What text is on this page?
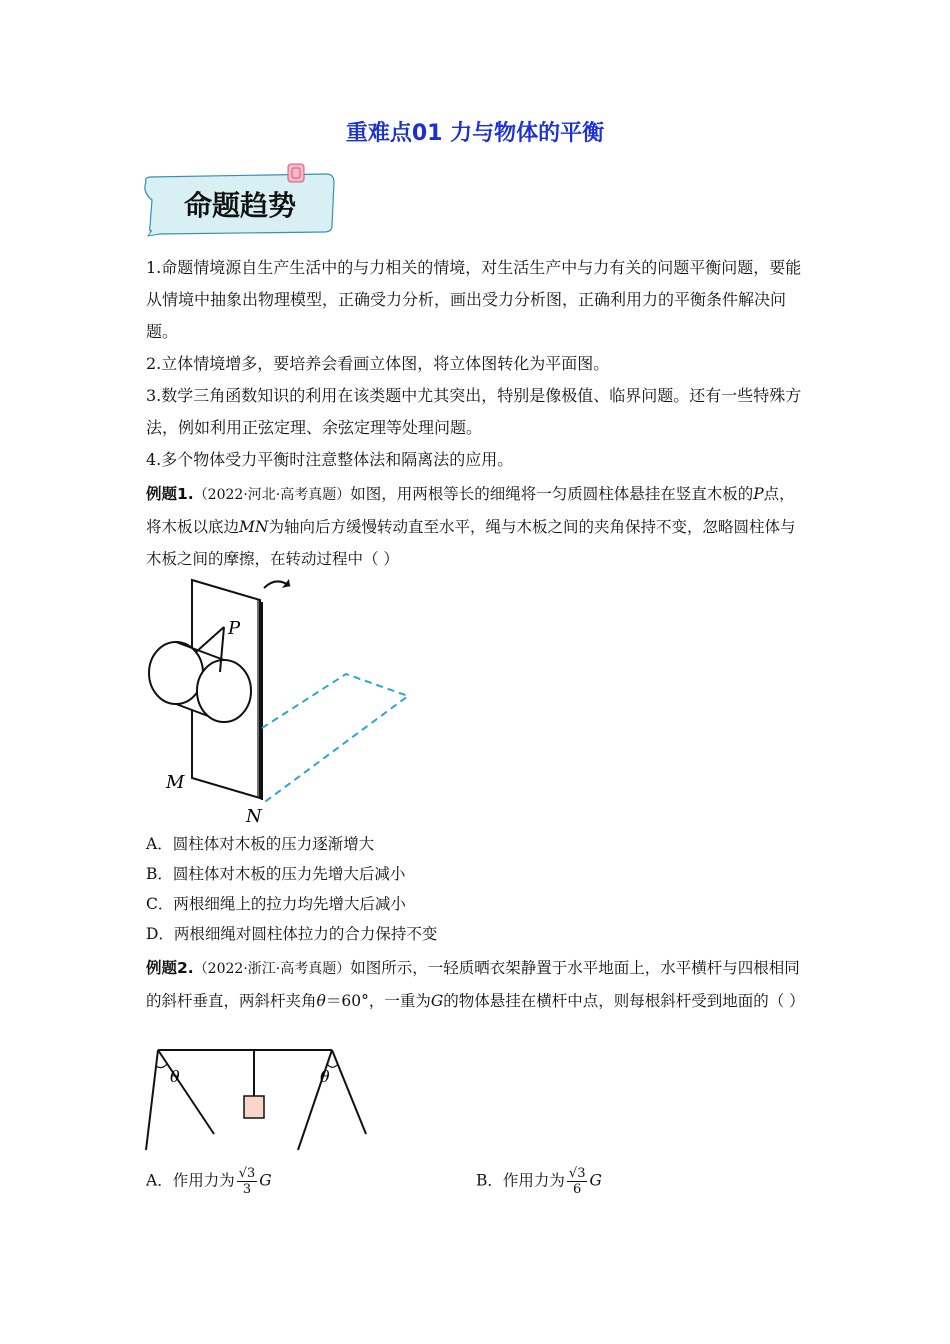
重难点01 力与物体的平衡
命题趋势

1.命题情境源自生产生活中的与力相关的情境，对生活生产中与力有关的问题平衡问题，要能从情境中抽象出物理模型，正确受力分析，画出受力分析图，正确利用力的平衡条件解决问题。

2.立体情境增多，要培养会看画立体图，将立体图转化为平面图。

3.数学三角函数知识的利用在该类题中尤其突出，特别是像极值、临界问题。还有一些特殊方法，例如利用正弦定理、余弦定理等处理问题。

4.多个物体受力平衡时注意整体法和隔离法的应用。

例题1.（2022·河北·高考真题）如图，用两根等长的细绳将一匀质圆柱体悬挂在竖直木板的P点，将木板以底边MN为轴向后方缓慢转动直至水平，绳与木板之间的夹角保持不变，忽略圆柱体与木板之间的摩擦，在转动过程中（ ）

P
M
N
A．圆柱体对木板的压力逐渐增大
B．圆柱体对木板的压力先增大后减小
C．两根细绳上的拉力均先增大后减小
D．两根细绳对圆柱体拉力的合力保持不变

例题2.（2022·浙江·高考真题）如图所示，一轻质晒衣架静置于水平地面上，水平横杆与四根相同的斜杆垂直，两斜杆夹角θ＝60°，一重为G的物体悬挂在横杆中点，则每根斜杆受到地面的（ ）

θ	θ
A．作用力为 $\frac{√3}{3}$ G	B．作用力为 $\frac{√3}{6}$ G
